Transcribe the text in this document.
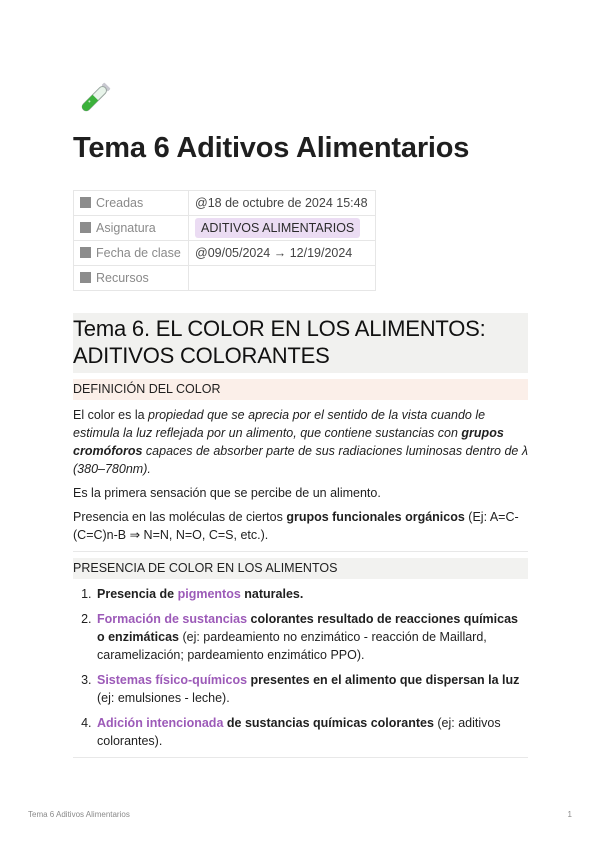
Tema 6 Aditivos Alimentarios
Creadas	@18 de octubre de 2024 15:48
Asignatura	ADITIVOS ALIMENTARIOS
Fecha de clase	@09/05/2024 → 12/19/2024
Recursos	
Tema 6. EL COLOR EN LOS ALIMENTOS: ADITIVOS COLORANTES
DEFINICIÓN DEL COLOR

El color es la propiedad que se aprecia por el sentido de la vista cuando le estimula la luz reflejada por un alimento, que contiene sustancias con grupos cromóforos capaces de absorber parte de sus radiaciones luminosas dentro de λ (380–780nm).

Es la primera sensación que se percibe de un alimento.

Presencia en las moléculas de ciertos grupos funcionales orgánicos (Ej: A=C-(C=C)n-B ⇒ N=N, N=O, C=S, etc.).

PRESENCIA DE COLOR EN LOS ALIMENTOS
1. Presencia de pigmentos naturales.
2. Formación de sustancias colorantes resultado de reacciones químicas o enzimáticas (ej: pardeamiento no enzimático - reacción de Maillard, caramelización; pardeamiento enzimático PPO).
3. Sistemas físico-químicos presentes en el alimento que dispersan la luz (ej: emulsiones - leche).
4. Adición intencionada de sustancias químicas colorantes (ej: aditivos colorantes).
Tema 6 Aditivos Alimentarios	1
